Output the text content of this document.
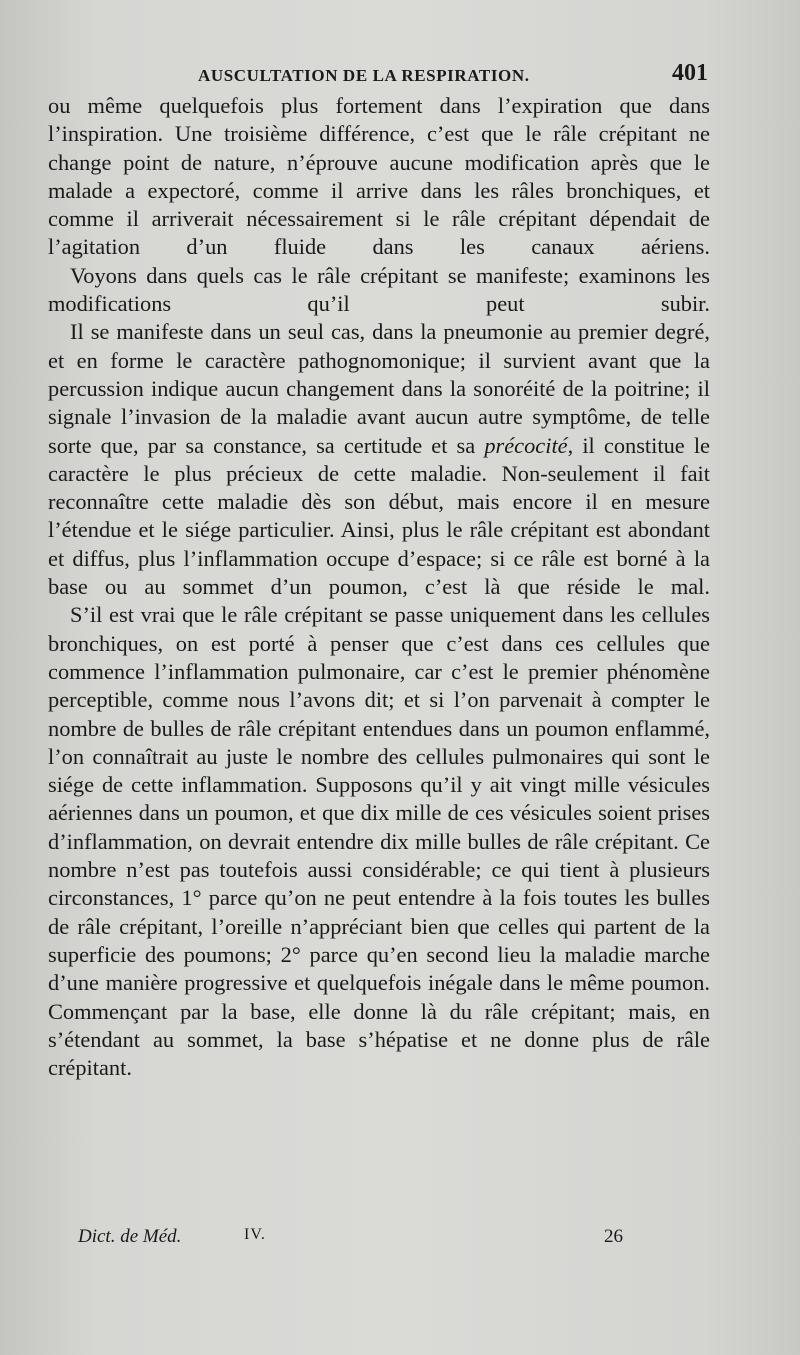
AUSCULTATION DE LA RESPIRATION.	401

ou même quelquefois plus fortement dans l’expiration que dans l’inspiration. Une troisième différence, c’est que le râle crépitant ne change point de nature, n’éprouve aucune modification après que le malade a expectoré, comme il arrive dans les râles bronchiques, et comme il arriverait nécessairement si le râle crépitant dépendait de l’agitation d’un fluide dans les canaux aériens.

Voyons dans quels cas le râle crépitant se manifeste; examinons les modifications qu’il peut subir.

Il se manifeste dans un seul cas, dans la pneumonie au premier degré, et en forme le caractère pathognomonique; il survient avant que la percussion indique aucun changement dans la sonoréité de la poitrine; il signale l’invasion de la maladie avant aucun autre symptôme, de telle sorte que, par sa constance, sa certitude et sa précocité, il constitue le caractère le plus précieux de cette maladie. Non-seulement il fait reconnaître cette maladie dès son début, mais encore il en mesure l’étendue et le siége particulier. Ainsi, plus le râle crépitant est abondant et diffus, plus l’inflammation occupe d’espace; si ce râle est borné à la base ou au sommet d’un poumon, c’est là que réside le mal.

S’il est vrai que le râle crépitant se passe uniquement dans les cellules bronchiques, on est porté à penser que c’est dans ces cellules que commence l’inflammation pulmonaire, car c’est le premier phénomène perceptible, comme nous l’avons dit; et si l’on parvenait à compter le nombre de bulles de râle crépitant entendues dans un poumon enflammé, l’on connaîtrait au juste le nombre des cellules pulmonaires qui sont le siége de cette inflammation. Supposons qu’il y ait vingt mille vésicules aériennes dans un poumon, et que dix mille de ces vésicules soient prises d’inflammation, on devrait entendre dix mille bulles de râle crépitant. Ce nombre n’est pas toutefois aussi considérable; ce qui tient à plusieurs circonstances, 1° parce qu’on ne peut entendre à la fois toutes les bulles de râle crépitant, l’oreille n’appréciant bien que celles qui partent de la superficie des poumons; 2° parce qu’en second lieu la maladie marche d’une manière progressive et quelquefois inégale dans le même poumon. Commençant par la base, elle donne là du râle crépitant; mais, en s’étendant au sommet, la base s’hépatise et ne donne plus de râle crépitant.

Dict. de Méd.	IV.	26
